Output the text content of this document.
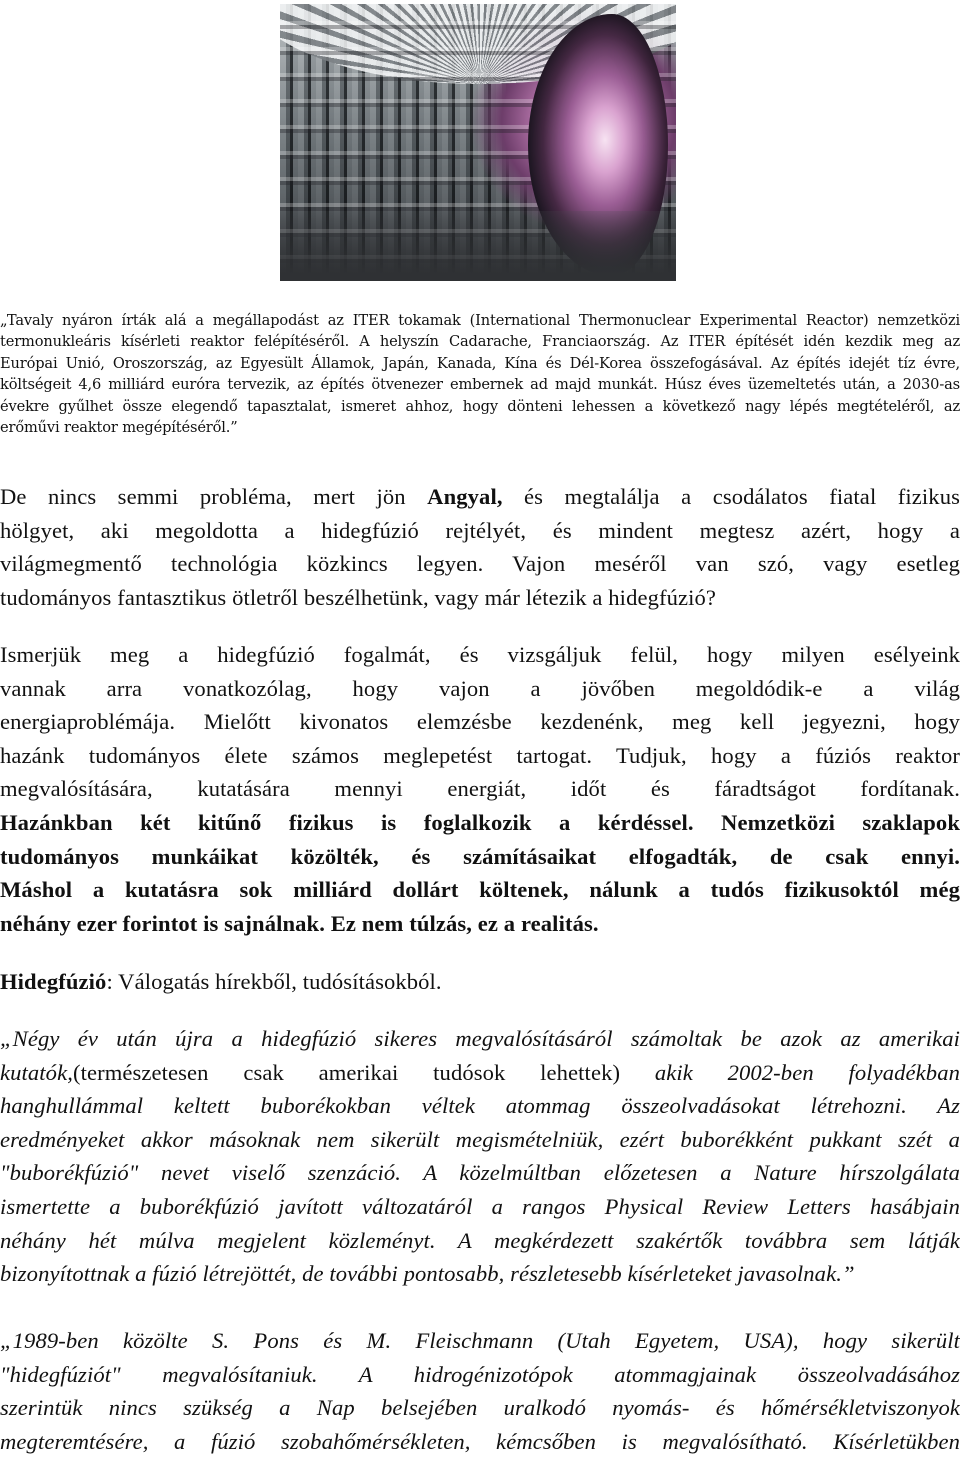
„Tavaly nyáron írták alá a megállapodást az ITER tokamak (International Thermonuclear Experimental Reactor) nemzetközi
termonukleáris kísérleti reaktor felépítéséről. A helyszín Cadarache, Franciaország. Az ITER építését idén kezdik meg az
Európai Unió, Oroszország, az Egyesült Államok, Japán, Kanada, Kína és Dél-Korea összefogásával. Az építés idejét tíz évre,
költségeit 4,6 milliárd euróra tervezik, az építés ötvenezer embernek ad majd munkát. Húsz éves üzemeltetés után, a 2030-as
évekre gyűlhet össze elegendő tapasztalat, ismeret ahhoz, hogy dönteni lehessen a következő nagy lépés megtételéről, az
erőművi reaktor megépítéséről.”
De nincs semmi probléma, mert jön Angyal, és megtalálja a csodálatos fiatal fizikus
hölgyet, aki megoldotta a hidegfúzió rejtélyét, és mindent megtesz azért, hogy a
világmegmentő technológia közkincs legyen. Vajon meséről van szó, vagy esetleg
tudományos fantasztikus ötletről beszélhetünk, vagy már létezik a hidegfúzió?
Ismerjük meg a hidegfúzió fogalmát, és vizsgáljuk felül, hogy milyen esélyeink
vannak arra vonatkozólag, hogy vajon a jövőben megoldódik-e a világ
energiaproblémája. Mielőtt kivonatos elemzésbe kezdenénk, meg kell jegyezni, hogy
hazánk tudományos élete számos meglepetést tartogat. Tudjuk, hogy a fúziós reaktor
megvalósítására, kutatására mennyi energiát, időt és fáradtságot fordítanak.
Hazánkban két kitűnő fizikus is foglalkozik a kérdéssel. Nemzetközi szaklapok
tudományos munkáikat közölték, és számításaikat elfogadták, de csak ennyi.
Máshol a kutatásra sok milliárd dollárt költenek, nálunk a tudós fizikusoktól még
néhány ezer forintot is sajnálnak. Ez nem túlzás, ez a realitás.
Hidegfúzió: Válogatás hírekből, tudósításokból.
„Négy év után újra a hidegfúzió sikeres megvalósításáról számoltak be azok az amerikai
kutatók,(természetesen csak amerikai tudósok lehettek) akik 2002-ben folyadékban
hanghullámmal keltett buborékokban véltek atommag összeolvadásokat létrehozni. Az
eredményeket akkor másoknak nem sikerült megismételniük, ezért buborékként pukkant szét a
"buborékfúzió" nevet viselő szenzáció. A közelmúltban előzetesen a Nature hírszolgálata
ismertette a buborékfúzió javított változatáról a rangos Physical Review Letters hasábjain
néhány hét múlva megjelent közleményt. A megkérdezett szakértők továbbra sem látják
bizonyítottnak a fúzió létrejöttét, de további pontosabb, részletesebb kísérleteket javasolnak.”
„1989-ben közölte S. Pons és M. Fleischmann (Utah Egyetem, USA), hogy sikerült
"hidegfúziót" megvalósítaniuk. A hidrogénizotópok atommagjainak összeolvadásához
szerintük nincs szükség a Nap belsejében uralkodó nyomás- és hőmérsékletviszonyok
megteremtésére, a fúzió szobahőmérsékleten, kémcsőben is megvalósítható. Kísérletükben
